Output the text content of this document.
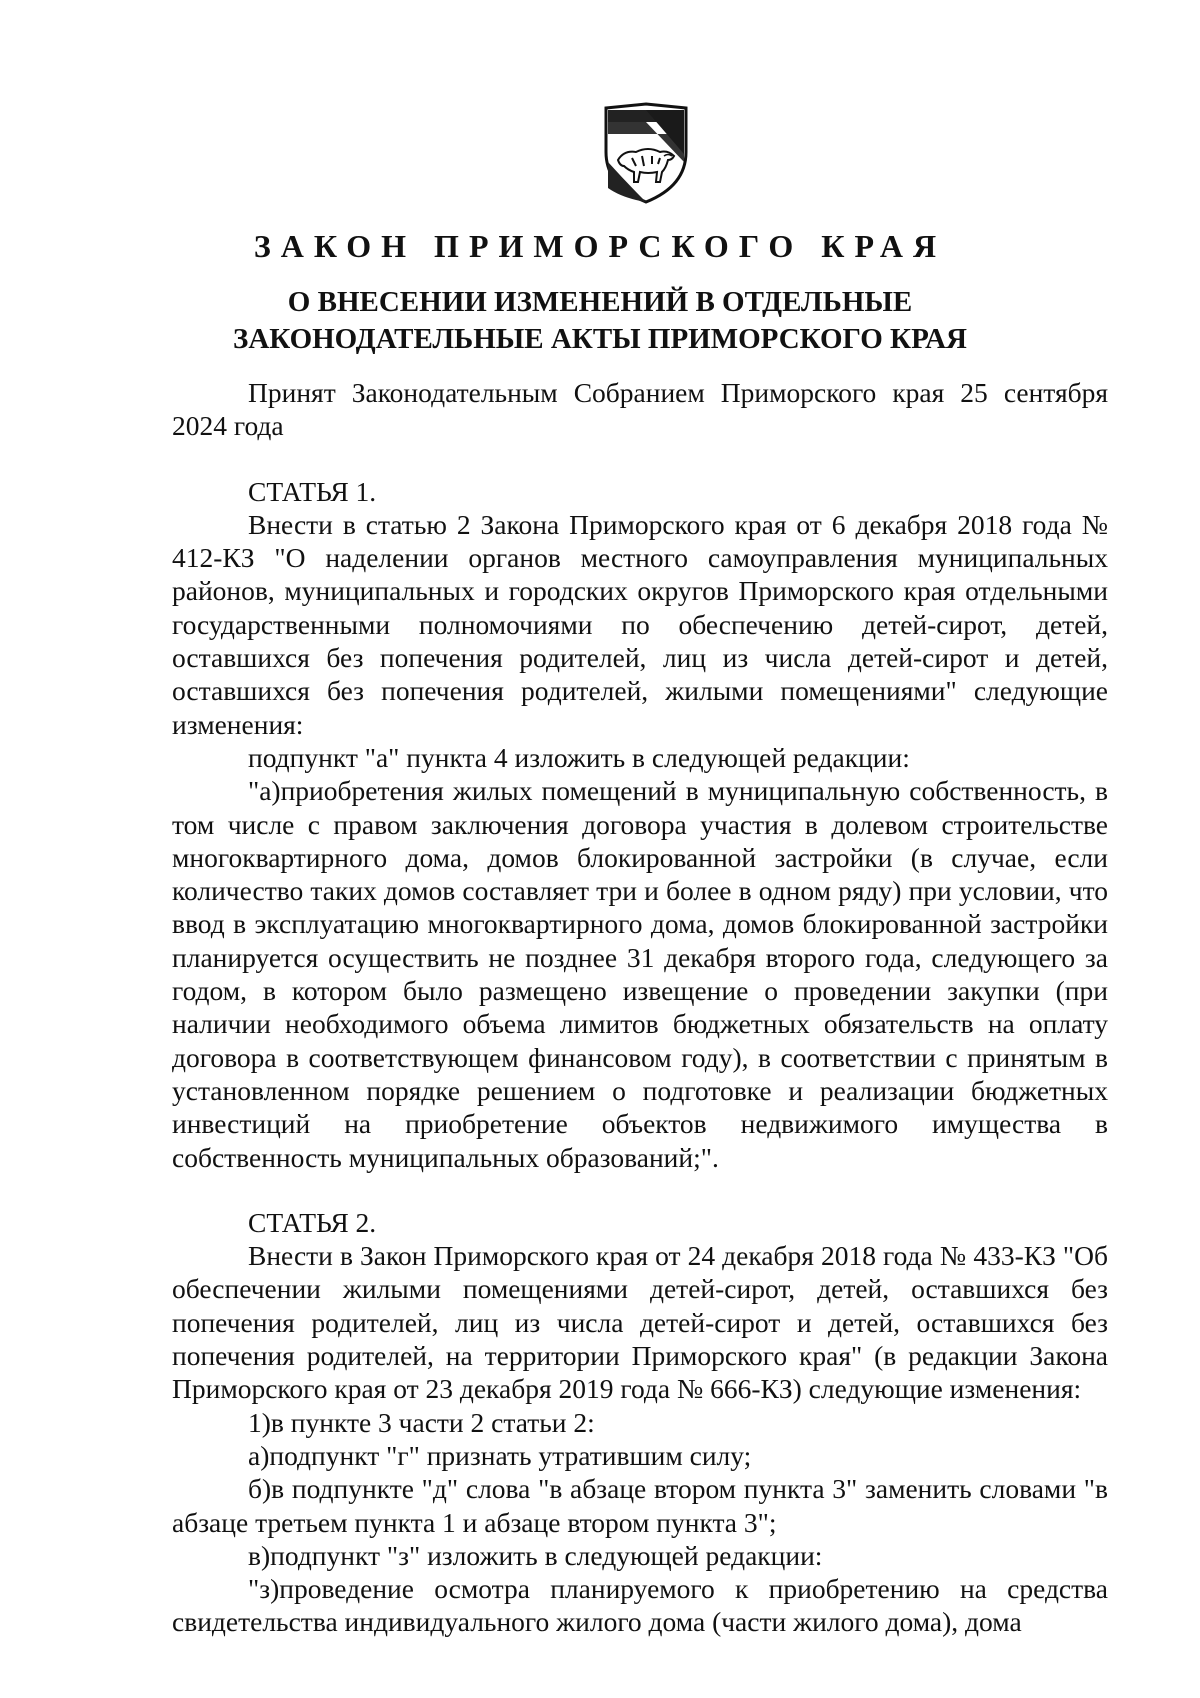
ЗАКОН ПРИМОРСКОГО КРАЯ
О ВНЕСЕНИИ ИЗМЕНЕНИЙ В ОТДЕЛЬНЫЕ
ЗАКОНОДАТЕЛЬНЫЕ АКТЫ ПРИМОРСКОГО КРАЯ

Принят Законодательным Собранием Приморского края 25 сентября 2024 года

СТАТЬЯ 1.

Внести в статью 2 Закона Приморского края от 6 декабря 2018 года № 412-КЗ "О наделении органов местного самоуправления муниципальных районов, муниципальных и городских округов Приморского края отдельными государственными полномочиями по обеспечению детей-сирот, детей, оставшихся без попечения родителей, лиц из числа детей-сирот и детей, оставшихся без попечения родителей, жилыми помещениями" следующие изменения:

подпункт "а" пункта 4 изложить в следующей редакции:

"а)приобретения жилых помещений в муниципальную собственность, в том числе с правом заключения договора участия в долевом строительстве многоквартирного дома, домов блокированной застройки (в случае, если количество таких домов составляет три и более в одном ряду) при условии, что ввод в эксплуатацию многоквартирного дома, домов блокированной застройки планируется осуществить не позднее 31 декабря второго года, следующего за годом, в котором было размещено извещение о проведении закупки (при наличии необходимого объема лимитов бюджетных обязательств на оплату договора в соответствующем финансовом году), в соответствии с принятым в установленном порядке решением о подготовке и реализации бюджетных инвестиций на приобретение объектов недвижимого имущества в собственность муниципальных образований;".

СТАТЬЯ 2.

Внести в Закон Приморского края от 24 декабря 2018 года № 433-КЗ "Об обеспечении жилыми помещениями детей-сирот, детей, оставшихся без попечения родителей, лиц из числа детей-сирот и детей, оставшихся без попечения родителей, на территории Приморского края" (в редакции Закона Приморского края от 23 декабря 2019 года № 666-КЗ) следующие изменения:

1)в пункте 3 части 2 статьи 2:

а)подпункт "г" признать утратившим силу;

б)в подпункте "д" слова "в абзаце втором пункта 3" заменить словами "в абзаце третьем пункта 1 и абзаце втором пункта 3";

в)подпункт "з" изложить в следующей редакции:

"з)проведение осмотра планируемого к приобретению на средства свидетельства индивидуального жилого дома (части жилого дома), дома
